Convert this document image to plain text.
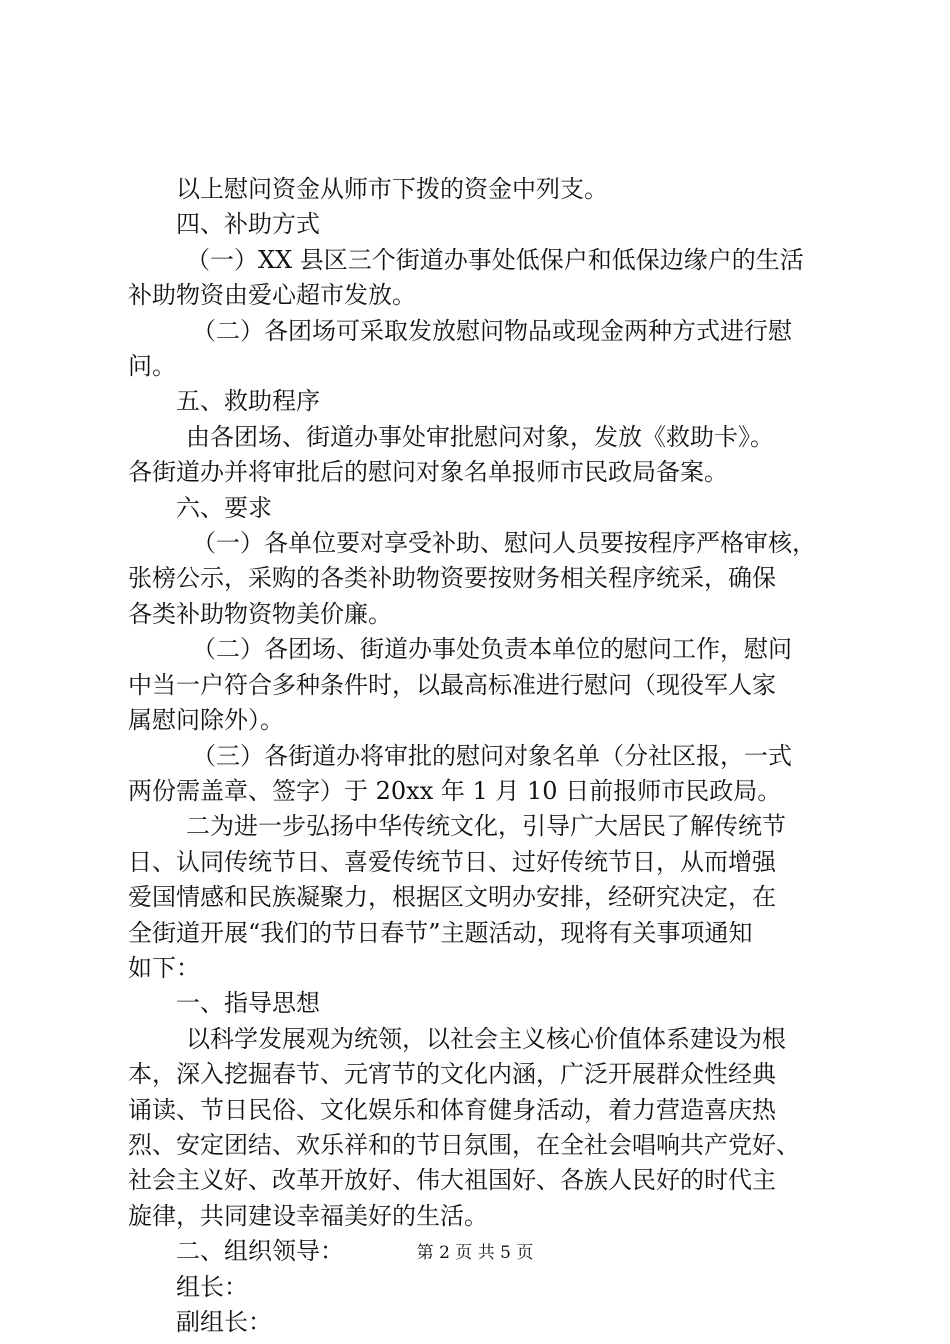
以上慰问资金从师市下拨的资金中列支。

四、补助方式

（一）XX 县区三个街道办事处低保户和低保边缘户的生活

补助物资由爱心超市发放。

（二）各团场可采取发放慰问物品或现金两种方式进行慰

问。

五、救助程序

由各团场、街道办事处审批慰问对象，发放《救助卡》。

各街道办并将审批后的慰问对象名单报师市民政局备案。

六、要求

（一）各单位要对享受补助、慰问人员要按程序严格审核，

张榜公示，采购的各类补助物资要按财务相关程序统采，确保

各类补助物资物美价廉。

（二）各团场、街道办事处负责本单位的慰问工作，慰问

中当一户符合多种条件时，以最高标准进行慰问（现役军人家

属慰问除外）。

（三）各街道办将审批的慰问对象名单（分社区报，一式

两份需盖章、签字）于 20xx 年 1 月 10 日前报师市民政局。

二为进一步弘扬中华传统文化，引导广大居民了解传统节

日、认同传统节日、喜爱传统节日、过好传统节日，从而增强

爱国情感和民族凝聚力，根据区文明办安排，经研究决定，在

全街道开展“我们的节日春节”主题活动，现将有关事项通知

如下：

一、指导思想

以科学发展观为统领，以社会主义核心价值体系建设为根

本，深入挖掘春节、元宵节的文化内涵，广泛开展群众性经典

诵读、节日民俗、文化娱乐和体育健身活动，着力营造喜庆热

烈、安定团结、欢乐祥和的节日氛围，在全社会唱响共产党好、

社会主义好、改革开放好、伟大祖国好、各族人民好的时代主

旋律，共同建设幸福美好的生活。

二、组织领导：

组长：

副组长：

第 2 页 共 5 页
